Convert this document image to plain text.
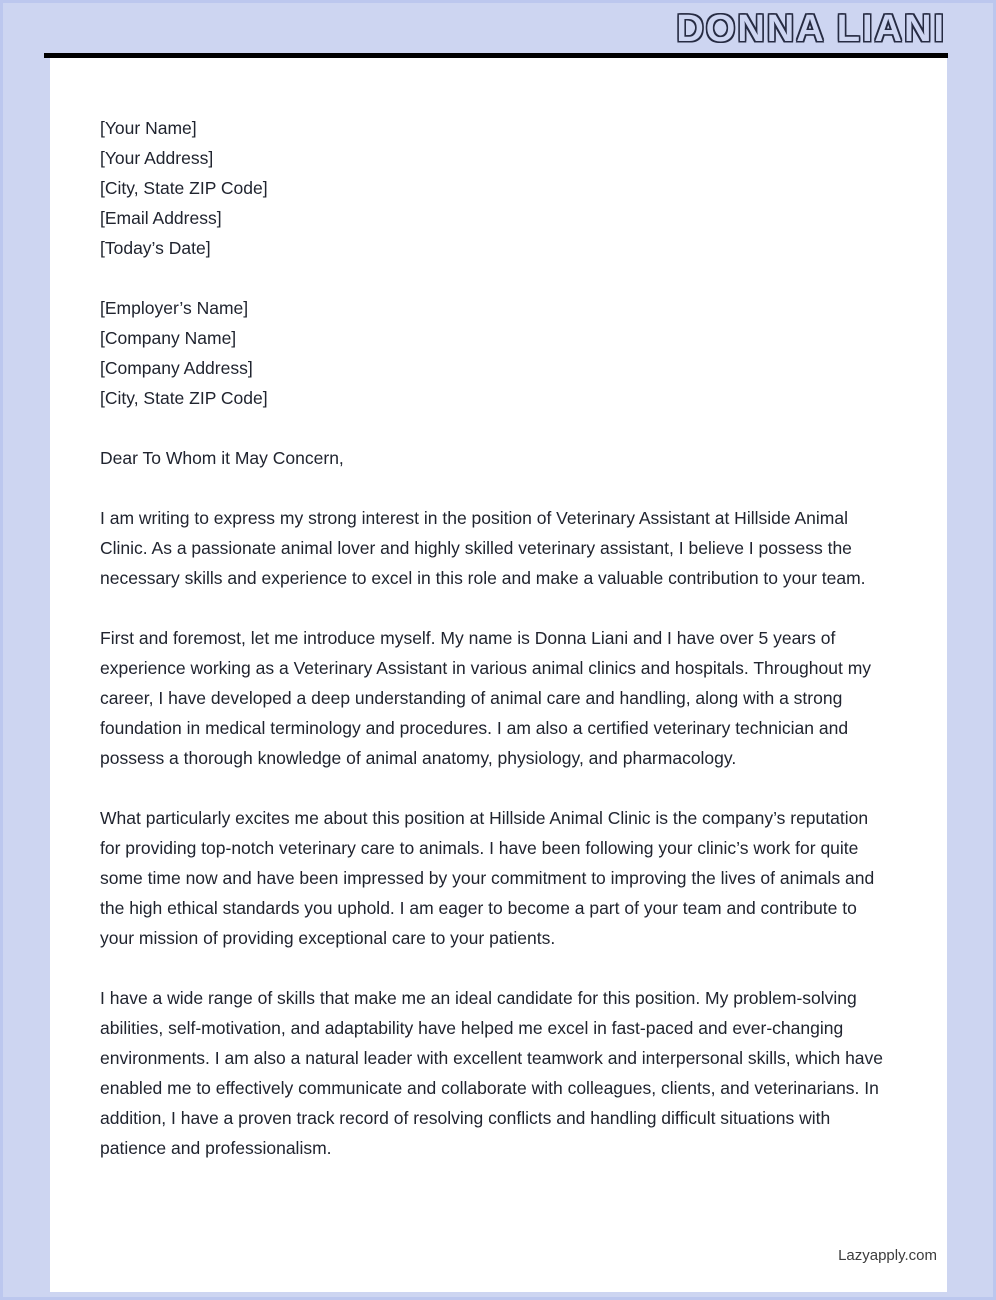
DONNA LIANI
[Your Name]
[Your Address]
[City, State ZIP Code]
[Email Address]
[Today’s Date]
[Employer’s Name]
[Company Name]
[Company Address]
[City, State ZIP Code]

Dear To Whom it May Concern,

I am writing to express my strong interest in the position of Veterinary Assistant at Hillside Animal Clinic. As a passionate animal lover and highly skilled veterinary assistant, I believe I possess the necessary skills and experience to excel in this role and make a valuable contribution to your team.

First and foremost, let me introduce myself. My name is Donna Liani and I have over 5 years of experience working as a Veterinary Assistant in various animal clinics and hospitals. Throughout my career, I have developed a deep understanding of animal care and handling, along with a strong foundation in medical terminology and procedures. I am also a certified veterinary technician and possess a thorough knowledge of animal anatomy, physiology, and pharmacology.

What particularly excites me about this position at Hillside Animal Clinic is the company’s reputation for providing top-notch veterinary care to animals. I have been following your clinic’s work for quite some time now and have been impressed by your commitment to improving the lives of animals and the high ethical standards you uphold. I am eager to become a part of your team and contribute to your mission of providing exceptional care to your patients.

I have a wide range of skills that make me an ideal candidate for this position. My problem-solving abilities, self-motivation, and adaptability have helped me excel in fast-paced and ever-changing environments. I am also a natural leader with excellent teamwork and interpersonal skills, which have enabled me to effectively communicate and collaborate with colleagues, clients, and veterinarians. In addition, I have a proven track record of resolving conflicts and handling difficult situations with patience and professionalism.

Lazyapply.com
